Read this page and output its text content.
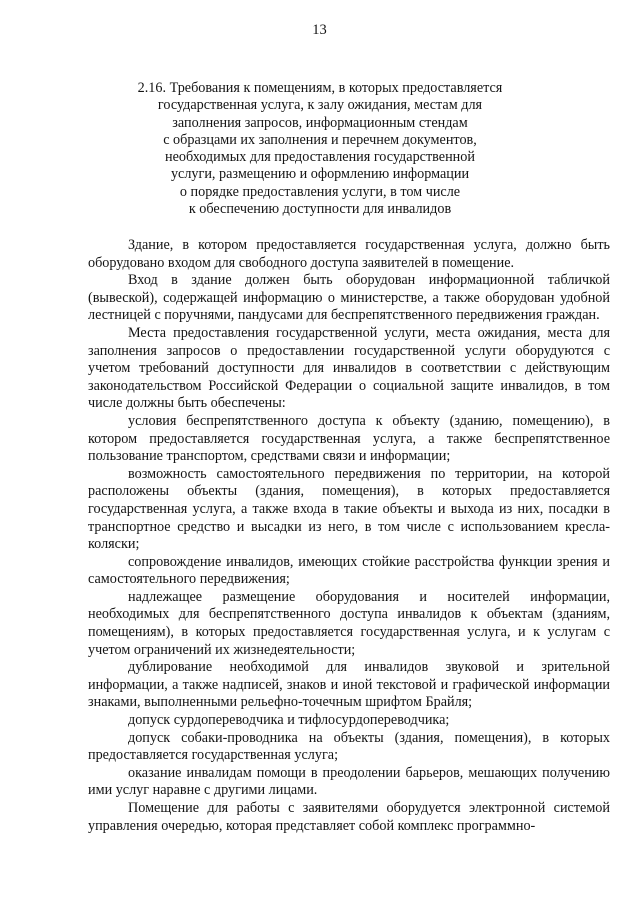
13
2.16. Требования к помещениям, в которых предоставляется
государственная услуга, к залу ожидания, местам для
заполнения запросов, информационным стендам
с образцами их заполнения и перечнем документов,
необходимых для предоставления государственной
услуги, размещению и оформлению информации
о порядке предоставления услуги, в том числе
к обеспечению доступности для инвалидов

Здание, в котором предоставляется государственная услуга, должно быть оборудовано входом для свободного доступа заявителей в помещение.

Вход в здание должен быть оборудован информационной табличкой (вывеской), содержащей информацию о министерстве, а также оборудован удобной лестницей с поручнями, пандусами для беспрепятственного передвижения граждан.

Места предоставления государственной услуги, места ожидания, места для заполнения запросов о предоставлении государственной услуги оборудуются с учетом требований доступности для инвалидов в соответствии с действующим законодательством Российской Федерации о социальной защите инвалидов, в том числе должны быть обеспечены:

условия беспрепятственного доступа к объекту (зданию, помещению), в котором предоставляется государственная услуга, а также беспрепятственное пользование транспортом, средствами связи и информации;

возможность самостоятельного передвижения по территории, на которой расположены объекты (здания, помещения), в которых предоставляется государственная услуга, а также входа в такие объекты и выхода из них, посадки в транспортное средство и высадки из него, в том числе с использованием кресла-коляски;

сопровождение инвалидов, имеющих стойкие расстройства функции зрения и самостоятельного передвижения;

надлежащее размещение оборудования и носителей информации, необходимых для беспрепятственного доступа инвалидов к объектам (зданиям, помещениям), в которых предоставляется государственная услуга, и к услугам с учетом ограничений их жизнедеятельности;

дублирование необходимой для инвалидов звуковой и зрительной информации, а также надписей, знаков и иной текстовой и графической информации знаками, выполненными рельефно-точечным шрифтом Брайля;

допуск сурдопереводчика и тифлосурдопереводчика;

допуск собаки-проводника на объекты (здания, помещения), в которых предоставляется государственная услуга;

оказание инвалидам помощи в преодолении барьеров, мешающих получению ими услуг наравне с другими лицами.

Помещение для работы с заявителями оборудуется электронной системой управления очередью, которая представляет собой комплекс программно-
